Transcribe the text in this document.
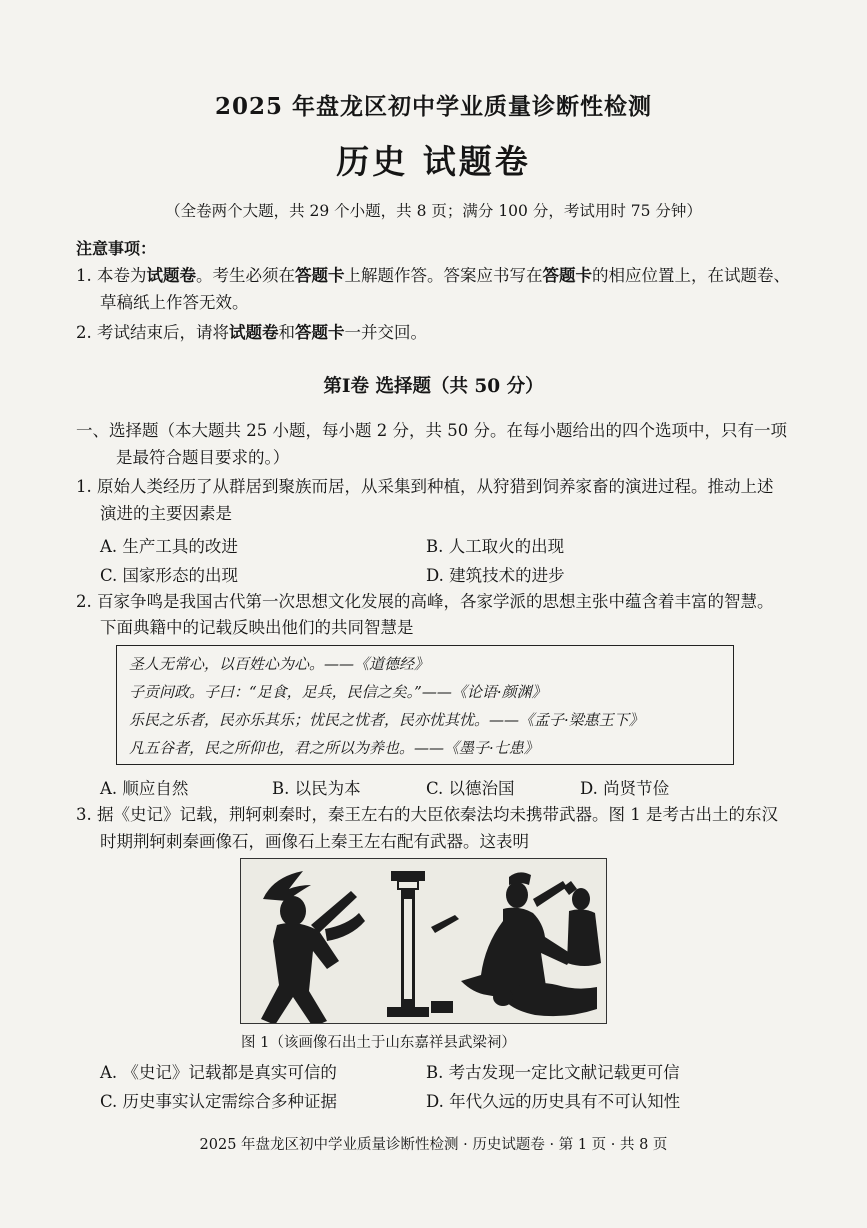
2025 年盘龙区初中学业质量诊断性检测
历史 试题卷
（全卷两个大题，共 29 个小题，共 8 页；满分 100 分，考试用时 75 分钟）
注意事项：
1. 本卷为试题卷。考生必须在答题卡上解题作答。答案应书写在答题卡的相应位置上，在试题卷、
草稿纸上作答无效。
2. 考试结束后，请将试题卷和答题卡一并交回。
第Ⅰ卷 选择题（共 50 分）
一、选择题（本大题共 25 小题，每小题 2 分，共 50 分。在每小题给出的四个选项中，只有一项
是最符合题目要求的。）
1. 原始人类经历了从群居到聚族而居，从采集到种植，从狩猎到饲养家畜的演进过程。推动上述
演进的主要因素是
A. 生产工具的改进	B. 人工取火的出现
C. 国家形态的出现	D. 建筑技术的进步
2. 百家争鸣是我国古代第一次思想文化发展的高峰，各家学派的思想主张中蕴含着丰富的智慧。
下面典籍中的记载反映出他们的共同智慧是
圣人无常心，以百姓心为心。——《道德经》
子贡问政。子曰：“足食，足兵，民信之矣。”——《论语·颜渊》
乐民之乐者，民亦乐其乐；忧民之忧者，民亦忧其忧。——《孟子·梁惠王下》
凡五谷者，民之所仰也，君之所以为养也。——《墨子·七患》
A. 顺应自然	B. 以民为本	C. 以德治国	D. 尚贤节俭
3. 据《史记》记载，荆轲刺秦时，秦王左右的大臣依秦法均未携带武器。图 1 是考古出土的东汉
时期荆轲刺秦画像石，画像石上秦王左右配有武器。这表明
图 1（该画像石出土于山东嘉祥县武梁祠）
A. 《史记》记载都是真实可信的	B. 考古发现一定比文献记载更可信
C. 历史事实认定需综合多种证据	D. 年代久远的历史具有不可认知性
2025 年盘龙区初中学业质量诊断性检测 · 历史试题卷 · 第 1 页 · 共 8 页
